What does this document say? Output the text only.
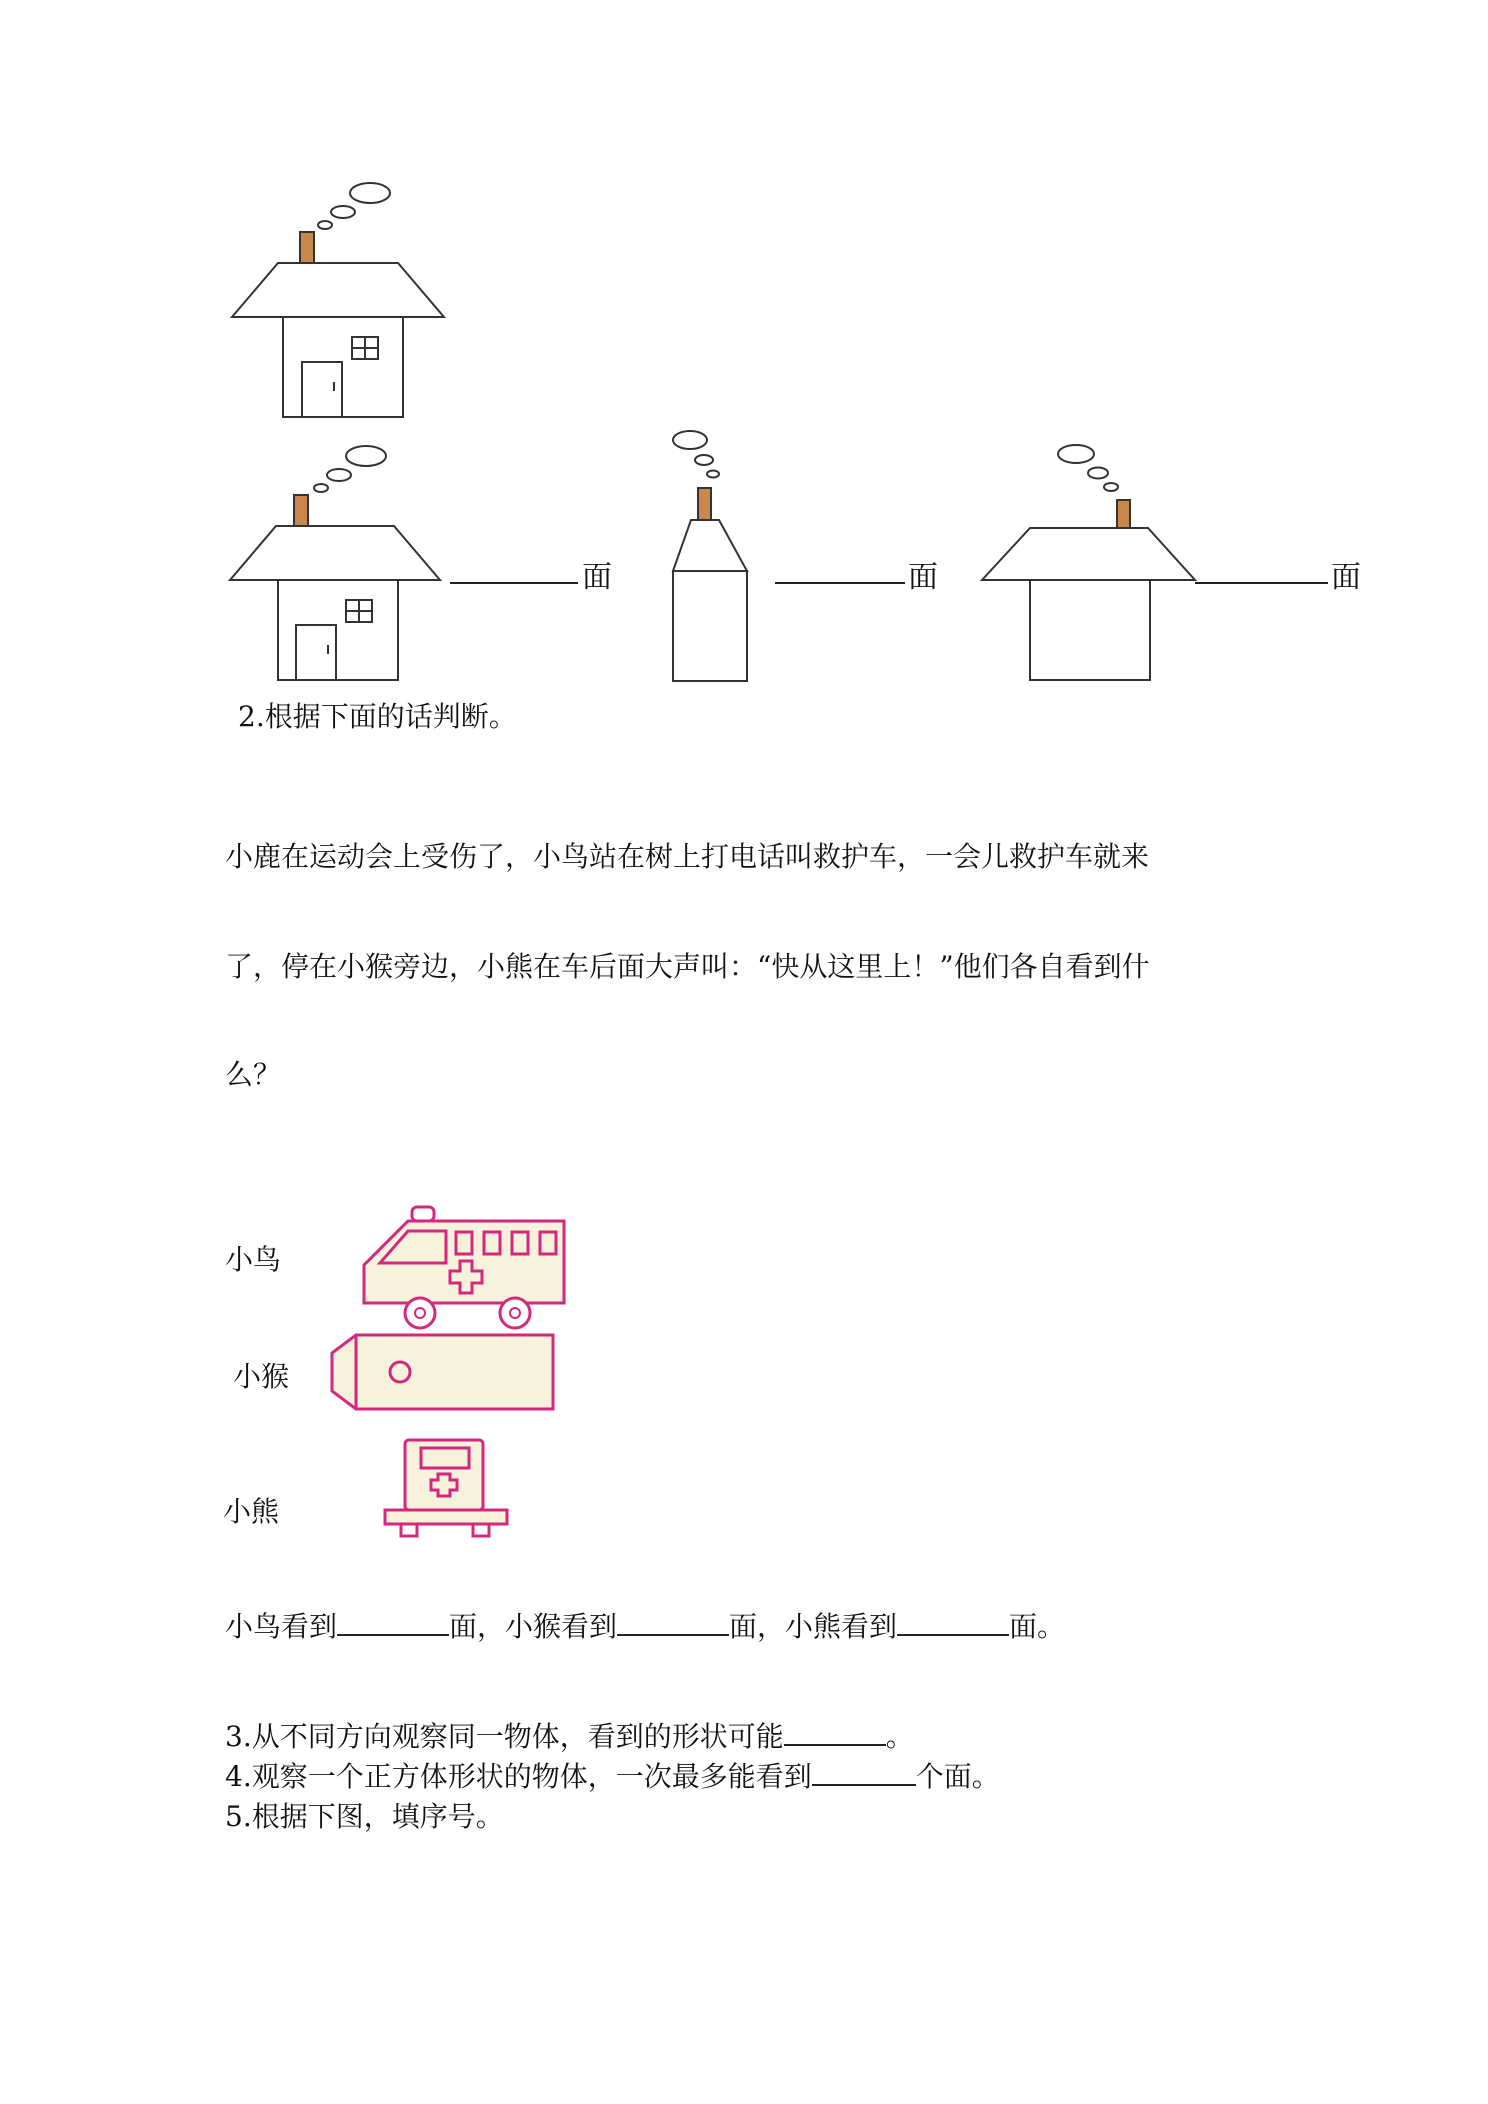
面	面	面
2.根据下面的话判断。
小鹿在运动会上受伤了，小鸟站在树上打电话叫救护车，一会儿救护车就来
了，停在小猴旁边，小熊在车后面大声叫：“快从这里上！”他们各自看到什
么？
小鸟
小猴
小熊
小鸟看到	面，小猴看到	面，小熊看到	面。
3.从不同方向观察同一物体，看到的形状可能	。
4.观察一个正方体形状的物体，一次最多能看到	个面。
5.根据下图，填序号。
